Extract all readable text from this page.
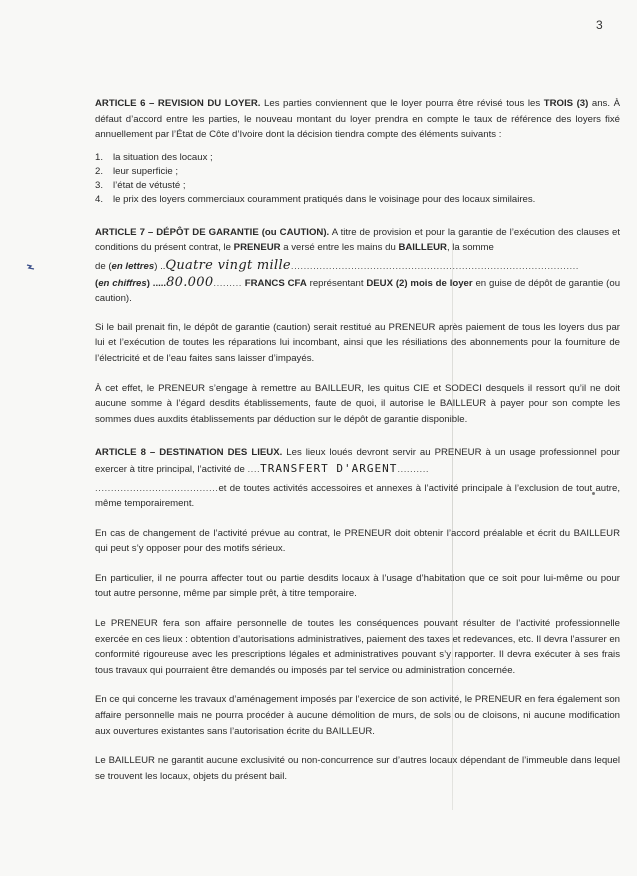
3

ARTICLE 6 – REVISION DU LOYER. Les parties conviennent que le loyer pourra être révisé tous les TROIS (3) ans. À défaut d’accord entre les parties, le nouveau montant du loyer prendra en compte le taux de référence des loyers fixé annuellement par l’État de Côte d’Ivoire dont la décision tiendra compte des éléments suivants :

1.	la situation des locaux ;
2.	leur superficie ;
3.	l’état de vétusté ;
4.	le prix des loyers commerciaux couramment pratiqués dans le voisinage pour des locaux similaires.

ARTICLE 7 – DÉPÔT DE GARANTIE (ou CAUTION). A titre de provision et pour la garantie de l’exécution des clauses et conditions du présent contrat, le PRENEUR a versé entre les mains du BAILLEUR, la somme

de (en lettres) ..Quatre vingt mille...........................................................................................

(en chiffres) .....80.000......... FRANCS CFA représentant DEUX (2) mois de loyer en guise de dépôt de garantie (ou caution).

Si le bail prenait fin, le dépôt de garantie (caution) serait restitué au PRENEUR après paiement de tous les loyers dus par lui et l’exécution de toutes les réparations lui incombant, ainsi que les résiliations des abonnements pour la fourniture de l’électricité et de l’eau faites sans laisser d’impayés.

À cet effet, le PRENEUR s’engage à remettre au BAILLEUR, les quitus CIE et SODECI desquels il ressort qu’il ne doit aucune somme à l’égard desdits établissements, faute de quoi, il autorise le BAILLEUR à payer pour son compte les sommes dues auxdits établissements par déduction sur le dépôt de garantie disponible.

ARTICLE 8 – DESTINATION DES LIEUX. Les lieux loués devront servir au PRENEUR à un usage professionnel pour exercer à titre principal, l’activité de ....TRANSFERT D'ARGENT..........

.......................................et de toutes activités accessoires et annexes à l’activité principale à l’exclusion de tout autre, même temporairement.

En cas de changement de l’activité prévue au contrat, le PRENEUR doit obtenir l’accord préalable et écrit du BAILLEUR qui peut s’y opposer pour des motifs sérieux.

En particulier, il ne pourra affecter tout ou partie desdits locaux à l’usage d’habitation que ce soit pour lui-même ou pour tout autre personne, même par simple prêt, à titre temporaire.

Le PRENEUR fera son affaire personnelle de toutes les conséquences pouvant résulter de l’activité professionnelle exercée en ces lieux : obtention d’autorisations administratives, paiement des taxes et redevances, etc. Il devra l’assurer en conformité rigoureuse avec les prescriptions légales et administratives pouvant s’y rapporter. Il devra exécuter à ses frais tous travaux qui pourraient être demandés ou imposés par tel service ou administration concernée.

En ce qui concerne les travaux d’aménagement imposés par l’exercice de son activité, le PRENEUR en fera également son affaire personnelle mais ne pourra procéder à aucune démolition de murs, de sols ou de cloisons, ni aucune modification aux ouvertures existantes sans l’autorisation écrite du BAILLEUR.

Le BAILLEUR ne garantit aucune exclusivité ou non-concurrence sur d’autres locaux dépendant de l’immeuble dans lequel se trouvent les locaux, objets du présent bail.
